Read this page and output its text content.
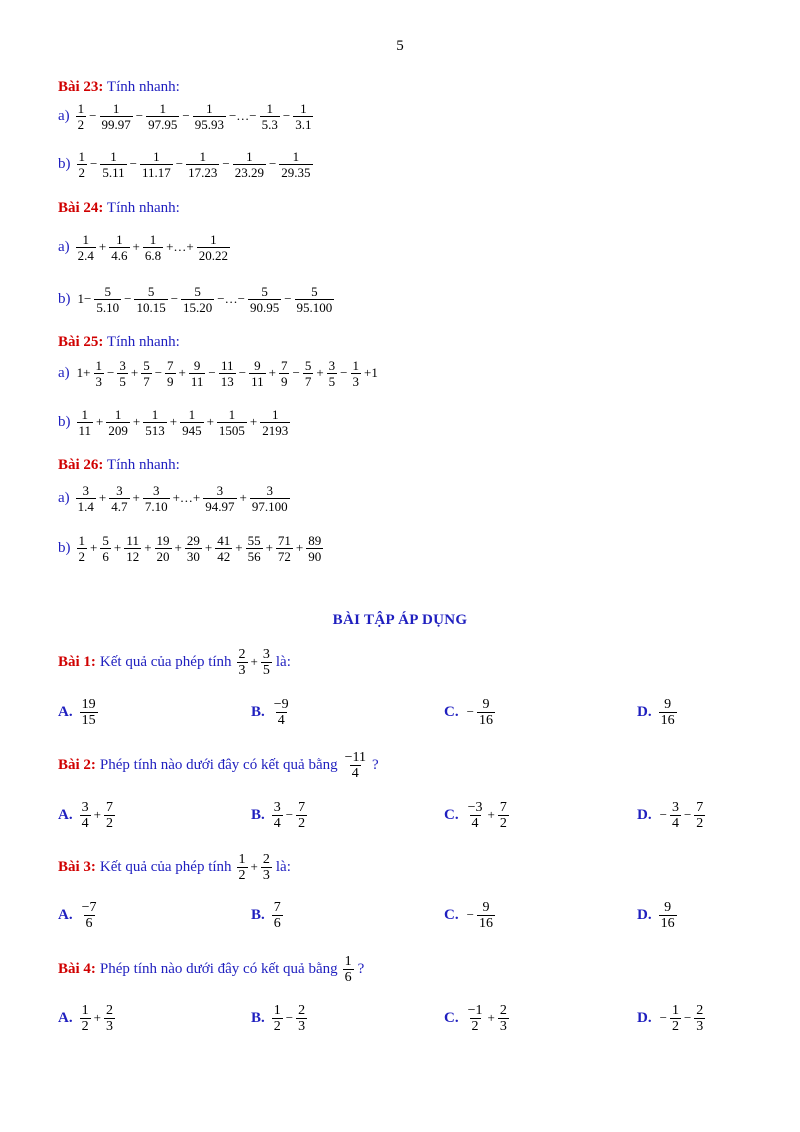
5
Bài 23: Tính nhanh:
$a) \frac{1}{2} - \frac{1}{99.97} - \frac{1}{97.95} - \frac{1}{95.93}$ −…− $\frac{1}{5.3} - \frac{1}{3.1}$
$b) \frac{1}{2} - \frac{1}{5.11} - \frac{1}{11.17} - \frac{1}{17.23} - \frac{1}{23.29} - \frac{1}{29.35}$
Bài 24: Tính nhanh:
$a) \frac{1}{2.4} + \frac{1}{4.6} + \frac{1}{6.8}$ +…+ $\frac{1}{20.22}$
b) $1- \frac{5}{5.10} - \frac{5}{10.15} - \frac{5}{15.20}$ −…− $\frac{5}{90.95} - \frac{5}{95.100}$
Bài 25: Tính nhanh:
a) $1+ \frac{1}{3} - \frac{3}{5} + \frac{5}{7} - \frac{7}{9} + \frac{9}{11} - \frac{11}{13} - \frac{9}{11} + \frac{7}{9} - \frac{5}{7} + \frac{3}{5} - \frac{1}{3} +1$
$b) \frac{1}{11} + \frac{1}{209} + \frac{1}{513} + \frac{1}{945} + \frac{1}{1505} + \frac{1}{2193}$
Bài 26: Tính nhanh:
$a) \frac{3}{1.4} + \frac{3}{4.7} + \frac{3}{7.10}$ +…+ $\frac{3}{94.97} + \frac{3}{97.100}$
$b) \frac{1}{2} + \frac{5}{6} + \frac{11}{12} + \frac{19}{20} + \frac{29}{30} + \frac{41}{42} + \frac{55}{56} + \frac{71}{72} + \frac{89}{90}$
BÀI TẬP ÁP DỤNG
Bài 1: Kết quả của phép tính $\frac{2}{3} + \frac{3}{5}$ là:
A. $\frac{19}{15}$	B. $\frac{-9}{4}$	C. − $\frac{9}{16}$	D. $\frac{9}{16}$
Bài 2: Phép tính nào dưới đây có kết quả bằng $\frac{-11}{4}$ ?
A. $\frac{3}{4} + \frac{7}{2}$	B. $\frac{3}{4} - \frac{7}{2}$	C. $\frac{-3}{4} + \frac{7}{2}$	D. − $\frac{3}{4} - \frac{7}{2}$
Bài 3: Kết quả của phép tính $\frac{1}{2} + \frac{2}{3}$ là:
A. $\frac{-7}{6}$	B. $\frac{7}{6}$	C. − $\frac{9}{16}$	D. $\frac{9}{16}$
Bài 4: Phép tính nào dưới đây có kết quả bằng $\frac{1}{6}$ ?
A. $\frac{1}{2} + \frac{2}{3}$	B. $\frac{1}{2} - \frac{2}{3}$	C. $\frac{-1}{2} + \frac{2}{3}$	D. − $\frac{1}{2} - \frac{2}{3}$
